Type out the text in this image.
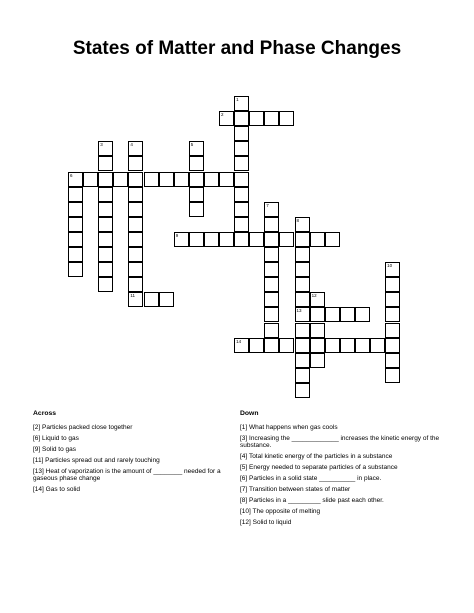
States of Matter and Phase Changes
1
2
3	4
11
5
6
7
8
13
9
10
12
14
Across
[2] Particles packed close together
[6] Liquid to gas
[9] Solid to gas
[11] Particles spread out and rarely touching
[13] Heat of vaporization is the amount of ________ needed for a gaseous phase change
[14] Gas to solid
Down
[1] What happens when gas cools
[3] Increasing the _____________ increases the kinetic energy of the substance.
[4] Total kinetic energy of the particles in a substance
[5] Energy needed to separate particles of a substance
[6] Particles in a solid state __________ in place.
[7] Transition between states of matter
[8] Particles in a _________ slide past each other.
[10] The opposite of melting
[12] Solid to liquid
